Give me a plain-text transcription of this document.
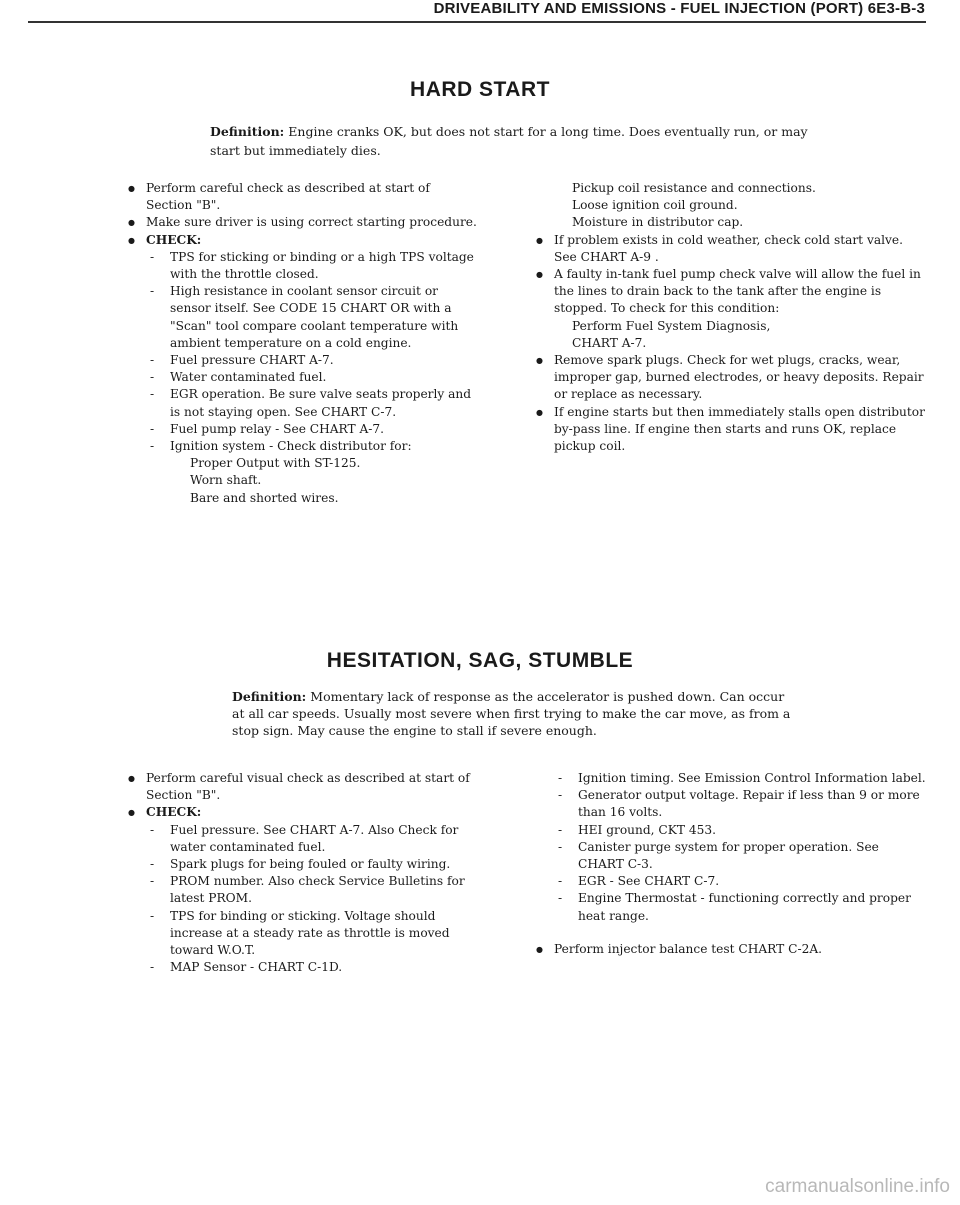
DRIVEABILITY AND EMISSIONS - FUEL INJECTION (PORT) 6E3-B-3
HARD START
Definition: Engine cranks OK, but does not start for a long time. Does eventually run, or may start but immediately dies.
● Perform careful check as described at start of Section "B".
● Make sure driver is using correct starting procedure.
● CHECK:
- TPS for sticking or binding or a high TPS voltage with the throttle closed.
- High resistance in coolant sensor circuit or sensor itself. See CODE 15 CHART OR with a "Scan" tool compare coolant temperature with ambient temperature on a cold engine.
- Fuel pressure CHART A-7.
- Water contaminated fuel.
- EGR operation. Be sure valve seats properly and is not staying open. See CHART C-7.
- Fuel pump relay - See CHART A-7.
- Ignition system - Check distributor for:
Proper Output with ST-125.
Worn shaft.
Bare and shorted wires.
Pickup coil resistance and connections.
Loose ignition coil ground.
Moisture in distributor cap.
● If problem exists in cold weather, check cold start valve. See CHART A-9 .
● A faulty in-tank fuel pump check valve will allow the fuel in the lines to drain back to the tank after the engine is stopped. To check for this condition:
Perform Fuel System Diagnosis,
CHART A-7.
● Remove spark plugs. Check for wet plugs, cracks, wear, improper gap, burned electrodes, or heavy deposits. Repair or replace as necessary.
● If engine starts but then immediately stalls open distributor by-pass line. If engine then starts and runs OK, replace pickup coil.
HESITATION, SAG, STUMBLE
Definition: Momentary lack of response as the accelerator is pushed down. Can occur at all car speeds. Usually most severe when first trying to make the car move, as from a stop sign. May cause the engine to stall if severe enough.
● Perform careful visual check as described at start of Section "B".
● CHECK:
- Fuel pressure. See CHART A-7. Also Check for water contaminated fuel.
- Spark plugs for being fouled or faulty wiring.
- PROM number. Also check Service Bulletins for latest PROM.
- TPS for binding or sticking. Voltage should increase at a steady rate as throttle is moved toward W.O.T.
- MAP Sensor - CHART C-1D.
- Ignition timing. See Emission Control Information label.
- Generator output voltage. Repair if less than 9 or more than 16 volts.
- HEI ground, CKT 453.
- Canister purge system for proper operation. See CHART C-3.
- EGR - See CHART C-7.
- Engine Thermostat - functioning correctly and proper heat range.
● Perform injector balance test CHART C-2A.
carmanualsonline.info
